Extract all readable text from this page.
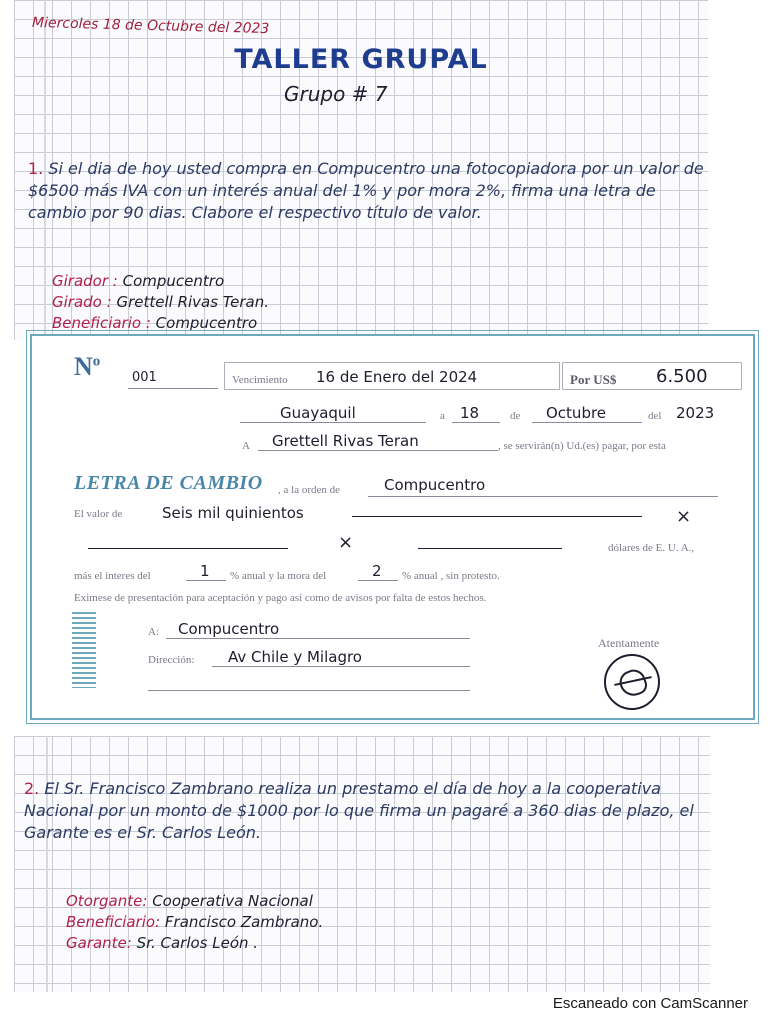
Miercoles 18 de Octubre del 2023
TALLER GRUPAL
Grupo # 7
1. Si el dia de hoy usted compra en Compucentro una fotocopiadora por un valor de $6500 más IVA con un interés anual del 1% y por mora 2%, firma una letra de cambio por 90 dias. Clabore el respectivo título de valor.
Girador : Compucentro
Girado : Grettell Rivas Teran.
Beneficiario : Compucentro
$N^o$
001	Vencimiento 16 de Enero del 2024	Por US$ 6.500
Guayaquil	a 18	de Octubre	del 2023
A Grettell Rivas Teran	, se servirán(n) Ud.(es) pagar, por esta
LETRA DE CAMBIO , a la orden de	Compucentro
El valor de	Seis mil quinientos	×
×	dólares de E. U. A.,
más el interes del	1 % anual y la mora del	2 % anual , sin protesto.
Eximese de presentación para aceptación y pago así como de avisos por falta de estos hechos.
A: Compucentro
Dirección: Av Chile y Milagro
Atentamente
2. El Sr. Francisco Zambrano realiza un prestamo el día de hoy a la cooperativa Nacional por un monto de $1000 por lo que firma un pagaré a 360 dias de plazo, el Garante es el Sr. Carlos León.
Otorgante: Cooperativa Nacional
Beneficiario: Francisco Zambrano.
Garante: Sr. Carlos León .
Escaneado con CamScanner
